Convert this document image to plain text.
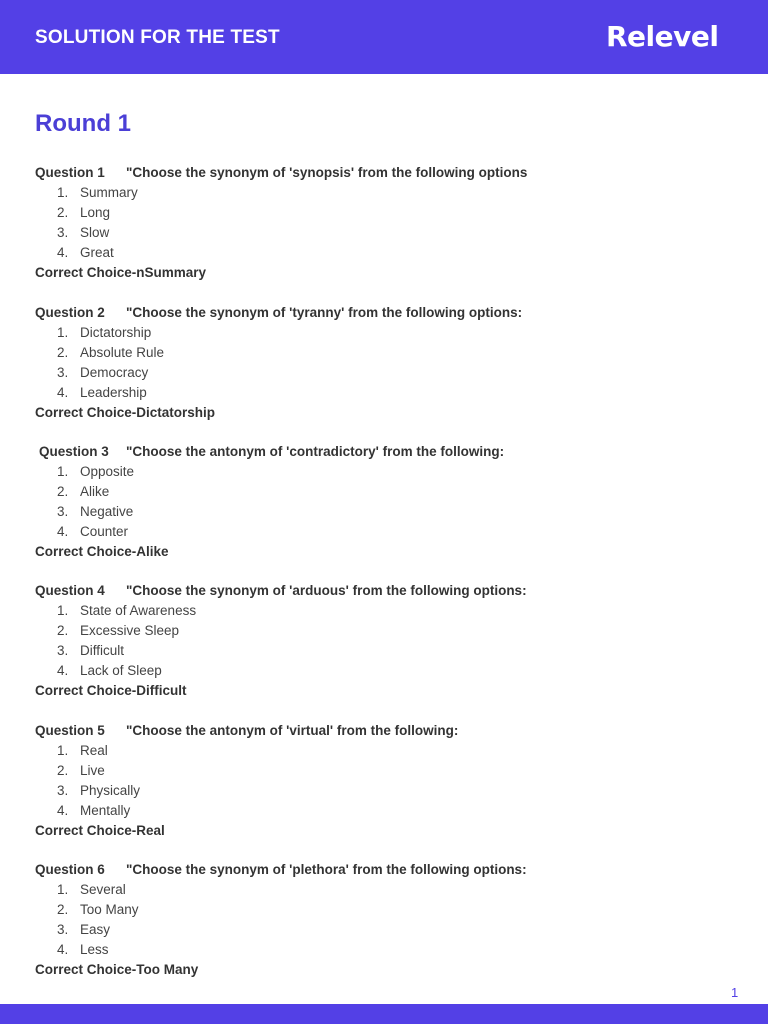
SOLUTION FOR THE TEST	Relevel
Round 1
Question 1 "Choose the synonym of 'synopsis' from the following options
1. Summary
2. Long
3. Slow
4. Great
Correct Choice-nSummary
Question 2 "Choose the synonym of 'tyranny' from the following options:
1. Dictatorship
2. Absolute Rule
3. Democracy
4. Leadership
Correct Choice-Dictatorship
Question 3 "Choose the antonym of 'contradictory' from the following:
1. Opposite
2. Alike
3. Negative
4. Counter
Correct Choice-Alike
Question 4 "Choose the synonym of 'arduous' from the following options:
1. State of Awareness
2. Excessive Sleep
3. Difficult
4. Lack of Sleep
Correct Choice-Difficult
Question 5 "Choose the antonym of 'virtual' from the following:
1. Real
2. Live
3. Physically
4. Mentally
Correct Choice-Real
Question 6 "Choose the synonym of 'plethora' from the following options:
1. Several
2. Too Many
3. Easy
4. Less
Correct Choice-Too Many
1
